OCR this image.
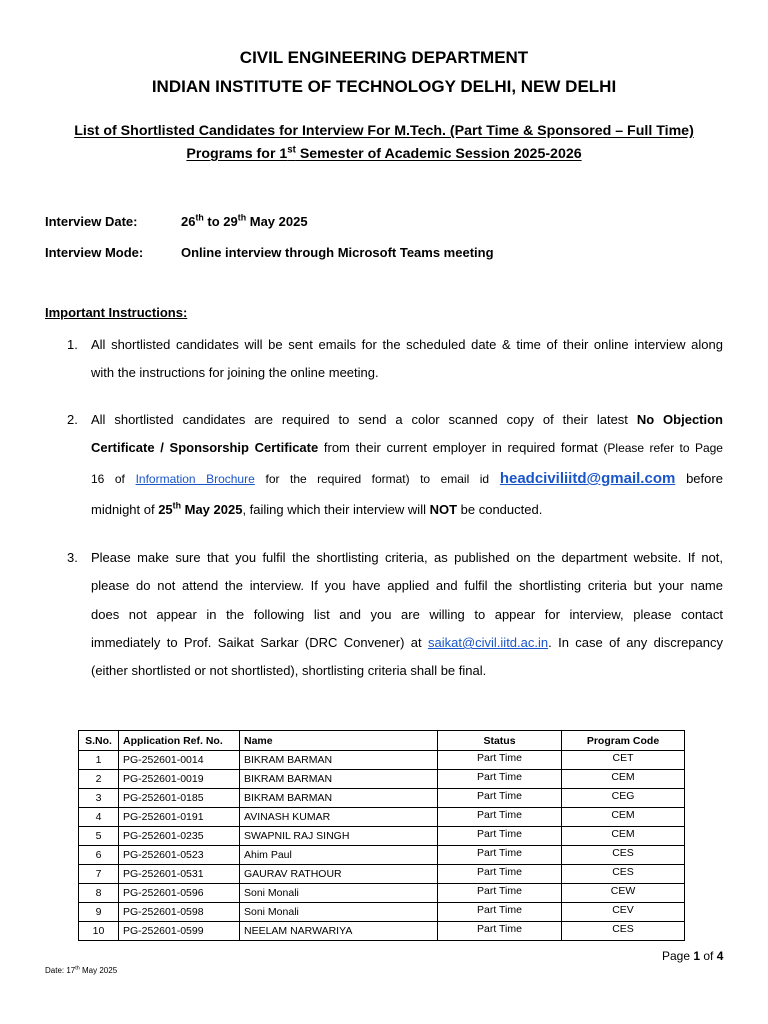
CIVIL ENGINEERING DEPARTMENT
INDIAN INSTITUTE OF TECHNOLOGY DELHI, NEW DELHI
List of Shortlisted Candidates for Interview For M.Tech. (Part Time & Sponsored – Full Time)
Programs for 1st Semester of Academic Session 2025-2026
Interview Date:	26th to 29th May 2025
Interview Mode:	Online interview through Microsoft Teams meeting
Important Instructions:
1. All shortlisted candidates will be sent emails for the scheduled date & time of their online interview along
with the instructions for joining the online meeting.
2. All shortlisted candidates are required to send a color scanned copy of their latest No Objection
Certificate / Sponsorship Certificate from their current employer in required format (Please refer to Page
16 of Information Brochure for the required format) to email id headciviliitd@gmail.com before
midnight of 25th May 2025, failing which their interview will NOT be conducted.
3. Please make sure that you fulfil the shortlisting criteria, as published on the department website. If not,
please do not attend the interview. If you have applied and fulfil the shortlisting criteria but your name
does not appear in the following list and you are willing to appear for interview, please contact
immediately to Prof. Saikat Sarkar (DRC Convener) at saikat@civil.iitd.ac.in. In case of any discrepancy
(either shortlisted or not shortlisted), shortlisting criteria shall be final.
S.No.	Application Ref. No.	Name	Status	Program Code
1	PG-252601-0014	BIKRAM BARMAN	Part Time	CET
2	PG-252601-0019	BIKRAM BARMAN	Part Time	CEM
3	PG-252601-0185	BIKRAM BARMAN	Part Time	CEG
4	PG-252601-0191	AVINASH KUMAR	Part Time	CEM
5	PG-252601-0235	SWAPNIL RAJ SINGH	Part Time	CEM
6	PG-252601-0523	Ahim Paul	Part Time	CES
7	PG-252601-0531	GAURAV RATHOUR	Part Time	CES
8	PG-252601-0596	Soni Monali	Part Time	CEW
9	PG-252601-0598	Soni Monali	Part Time	CEV
10	PG-252601-0599	NEELAM NARWARIYA	Part Time	CES
Page 1 of 4
Date: 17th May 2025
